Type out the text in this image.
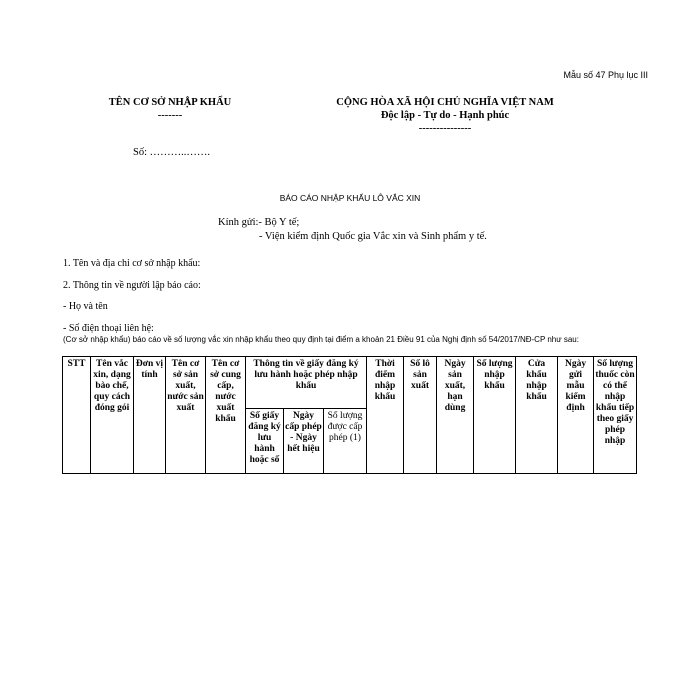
Mẫu số 47 Phụ lục III
TÊN CƠ SỞ NHẬP KHẨU
-------
CỘNG HÒA XÃ HỘI CHỦ NGHĨA VIỆT NAM
Độc lập - Tự do - Hạnh phúc
---------------
Số: ………..…….
BÁO CÁO NHẬP KHẨU LÔ VẮC XIN
Kính gửi:- Bộ Y tế;
- Viện kiểm định Quốc gia Vắc xin và Sinh phẩm y tế.
1. Tên và địa chỉ cơ sở nhập khẩu:
2. Thông tin về người lập báo cáo:
- Họ và tên
- Số điện thoại liên hệ:
(Cơ sở nhập khẩu) báo cáo về số lượng vắc xin nhập khẩu theo quy định tại điểm a khoản 21 Điều 91 của Nghị định số 54/2017/NĐ-CP như sau:
STT	Tên vắc xin, dạng bào chế, quy cách đóng gói	Đơn vị tính	Tên cơ sở sản xuất, nước sản xuất	Tên cơ sở cung cấp, nước xuất khẩu	Thông tin về giấy đăng ký lưu hành hoặc phép nhập khẩu			Thời điểm nhập khẩu	Số lô sản xuất	Ngày sản xuất, hạn dùng	Số lượng nhập khẩu	Cửa khẩu nhập khẩu	Ngày gửi mẫu kiểm định	Số lượng thuốc còn có thể nhập khẩu tiếp theo giấy phép nhập
					Số giấy đăng ký lưu hành hoặc số	Ngày cấp phép - Ngày hết hiệu	Số lượng được cấp phép (1)							
